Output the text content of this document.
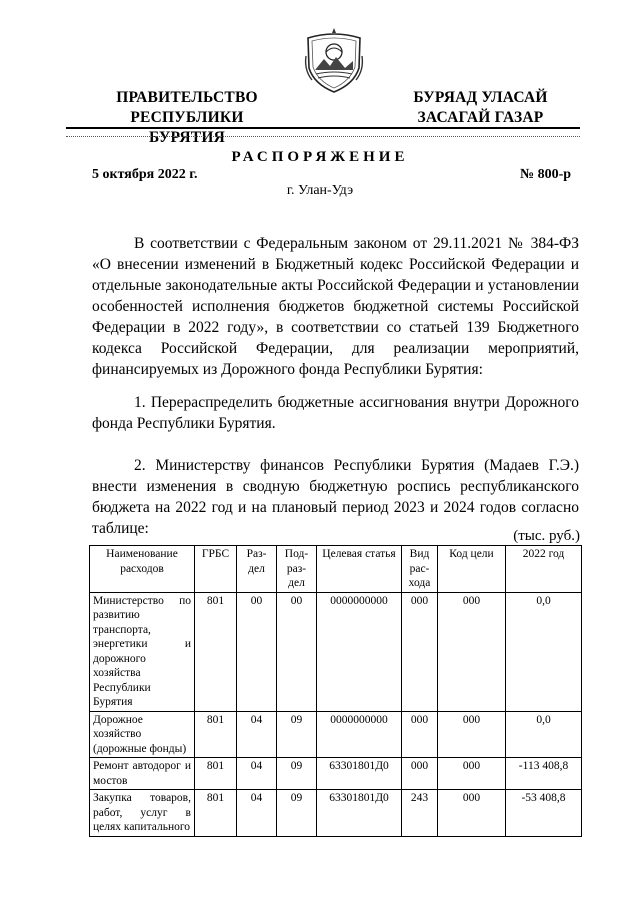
ПРАВИТЕЛЬСТВО
РЕСПУБЛИКИ БУРЯТИЯ
БУРЯАД УЛАСАЙ
ЗАСАГАЙ ГАЗАР
РАСПОРЯЖЕНИЕ
5 октября 2022 г.	№ 800-р
г. Улан-Удэ

В соответствии с Федеральным законом от 29.11.2021 № 384-ФЗ «О внесении изменений в Бюджетный кодекс Российской Федерации и отдельные законодательные акты Российской Федерации и установлении особенностей исполнения бюджетов бюджетной системы Российской Федерации в 2022 году», в соответствии со статьей 139 Бюджетного кодекса Российской Федерации, для реализации мероприятий, финансируемых из Дорожного фонда Республики Бурятия:

1. Перераспределить бюджетные ассигнования внутри Дорожного фонда Республики Бурятия.

2. Министерству финансов Республики Бурятия (Мадаев Г.Э.) внести изменения в сводную бюджетную роспись республиканского бюджета на 2022 год и на плановый период 2023 и 2024 годов согласно таблице:	(тыс. руб.)
Наименование расходов	ГРБС	Раз-дел	Под-раз-дел	Целевая статья	Вид рас-хода	Код цели	2022 год
Министерство по развитию транспорта, энергетики и дорожного хозяйства Республики Бурятия	801	00	00	0000000000	000	000	0,0
Дорожное хозяйство (дорожные фонды)	801	04	09	0000000000	000	000	0,0
Ремонт автодорог и мостов	801	04	09	63301801Д0	000	000	-113 408,8
Закупка товаров, работ, услуг в целях капитального	801	04	09	63301801Д0	243	000	-53 408,8
